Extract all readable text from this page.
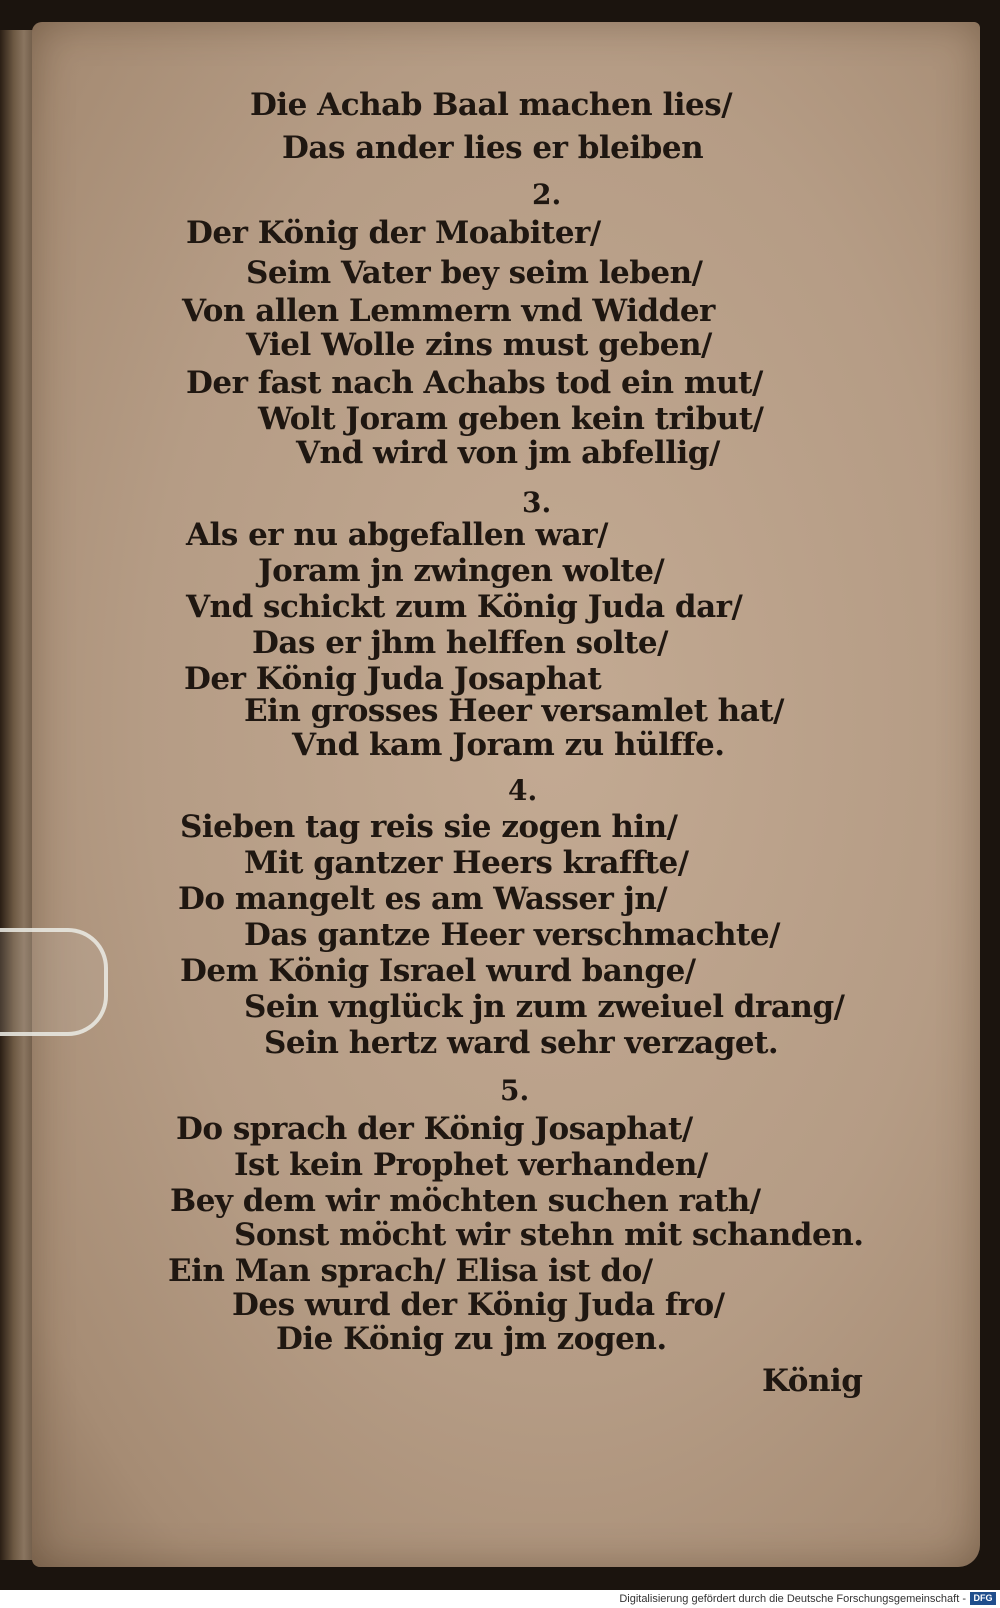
Die Achab Baal machen lies/
Das ander lies er bleiben
2.
Der König der Moabiter/
Seim Vater bey seim leben/
Von allen Lemmern vnd Widder
Viel Wolle zins must geben/
Der fast nach Achabs tod ein mut/
Wolt Joram geben kein tribut/
Vnd wird von jm abfellig/
3.
Als er nu abgefallen war/
Joram jn zwingen wolte/
Vnd schickt zum König Juda dar/
Das er jhm helffen solte/
Der König Juda Josaphat
Ein grosses Heer versamlet hat/
Vnd kam Joram zu hülffe.
4.
Sieben tag reis sie zogen hin/
Mit gantzer Heers kraffte/
Do mangelt es am Wasser jn/
Das gantze Heer verschmachte/
Dem König Israel wurd bange/
Sein vnglück jn zum zweiuel drang/
Sein hertz ward sehr verzaget.
5.
Do sprach der König Josaphat/
Ist kein Prophet verhanden/
Bey dem wir möchten suchen rath/
Sonst möcht wir stehn mit schanden.
Ein Man sprach/ Elisa ist do/
Des wurd der König Juda fro/
Die König zu jm zogen.
König
Digitalisierung gefördert durch die Deutsche Forschungsgemeinschaft - DFG
